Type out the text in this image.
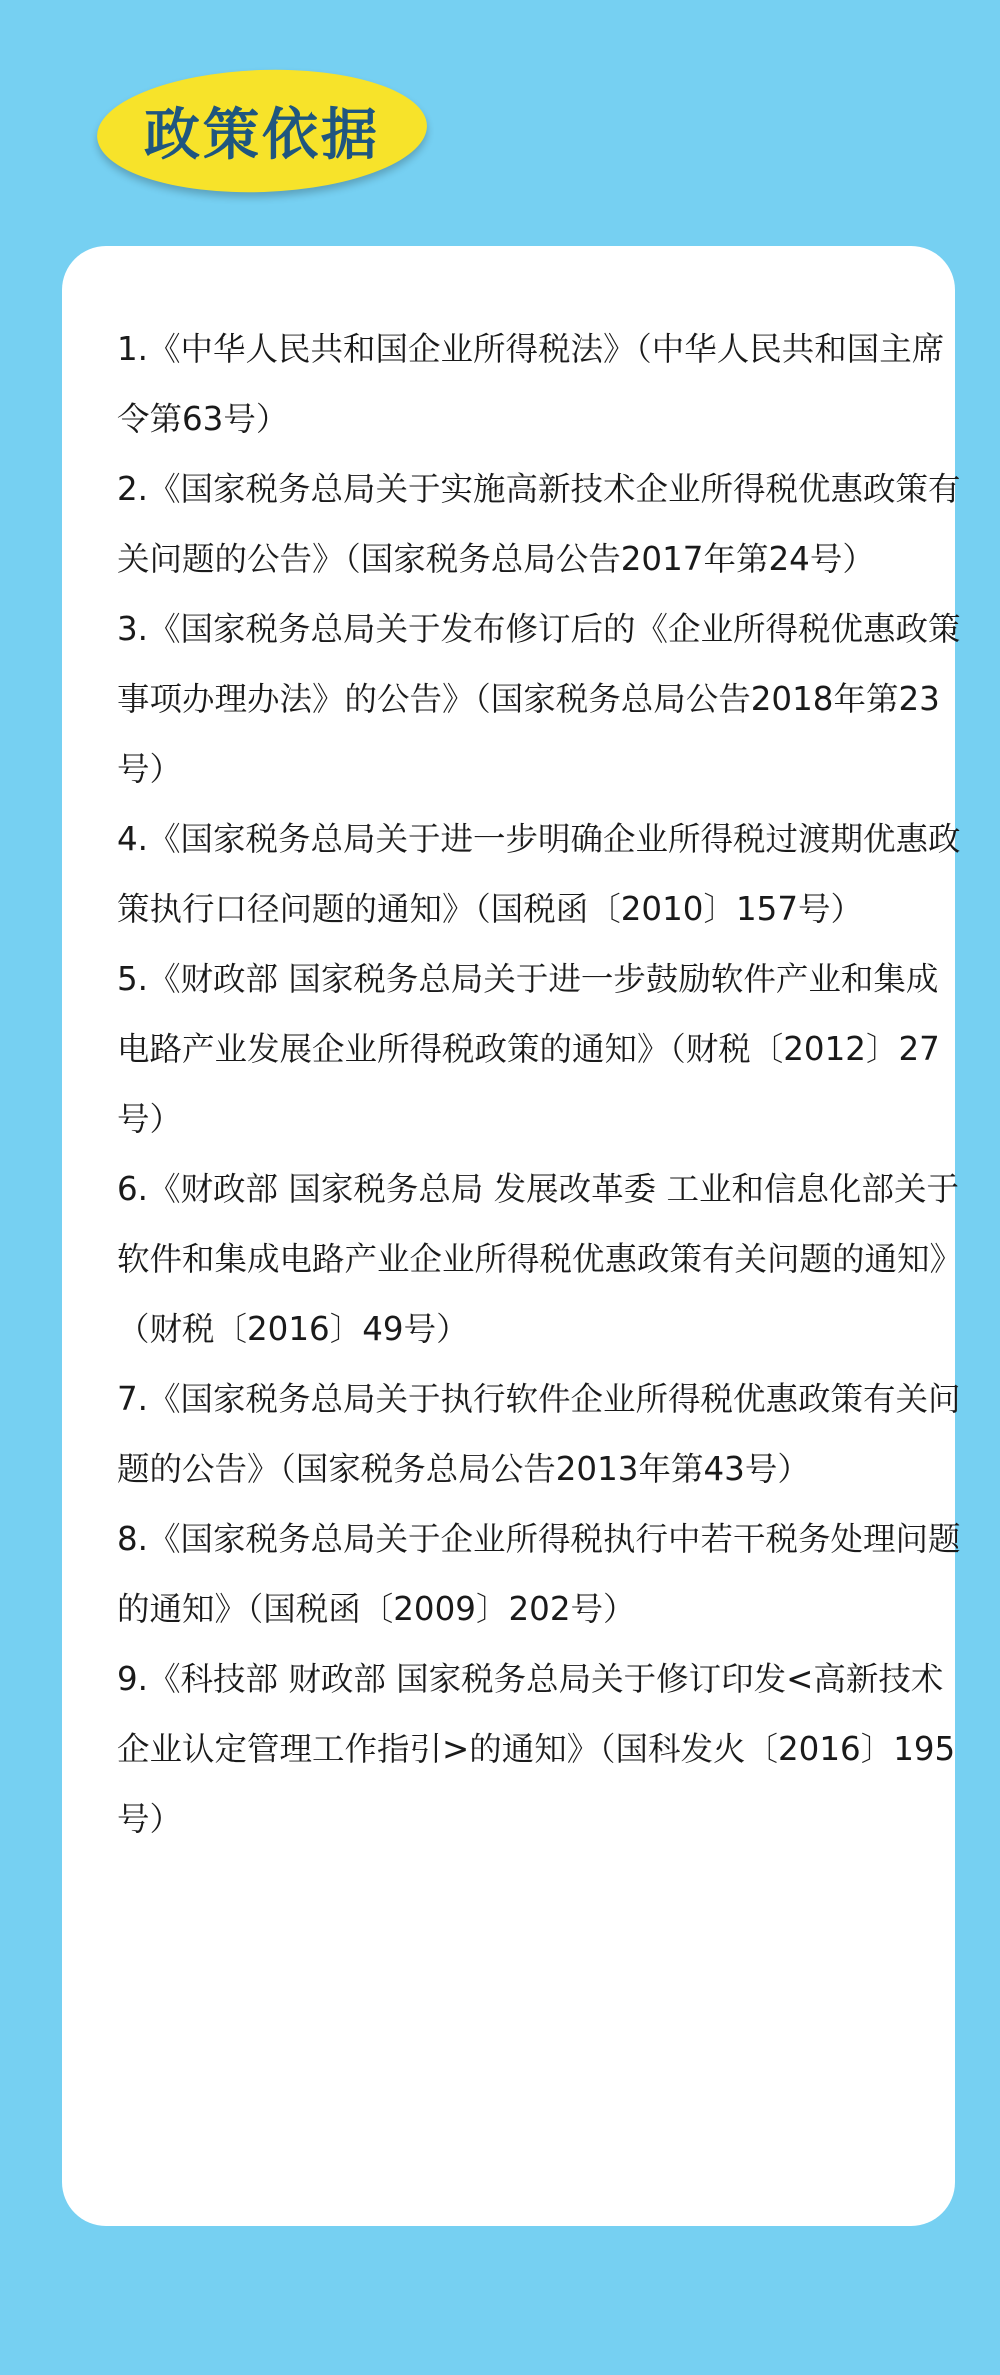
政策依据
1.《中华人民共和国企业所得税法》（中华人民共和国主席令第63号）
2.《国家税务总局关于实施高新技术企业所得税优惠政策有关问题的公告》（国家税务总局公告2017年第24号）
3.《国家税务总局关于发布修订后的《企业所得税优惠政策事项办理办法》的公告》（国家税务总局公告2018年第23号）
4.《国家税务总局关于进一步明确企业所得税过渡期优惠政策执行口径问题的通知》（国税函〔2010〕157号）
5.《财政部 国家税务总局关于进一步鼓励软件产业和集成电路产业发展企业所得税政策的通知》（财税〔2012〕27号）
6.《财政部 国家税务总局 发展改革委 工业和信息化部关于软件和集成电路产业企业所得税优惠政策有关问题的通知》（财税〔2016〕49号）
7.《国家税务总局关于执行软件企业所得税优惠政策有关问题的公告》（国家税务总局公告2013年第43号）
8.《国家税务总局关于企业所得税执行中若干税务处理问题的通知》（国税函〔2009〕202号）
9.《科技部 财政部 国家税务总局关于修订印发<高新技术企业认定管理工作指引>的通知》（国科发火〔2016〕195号）
